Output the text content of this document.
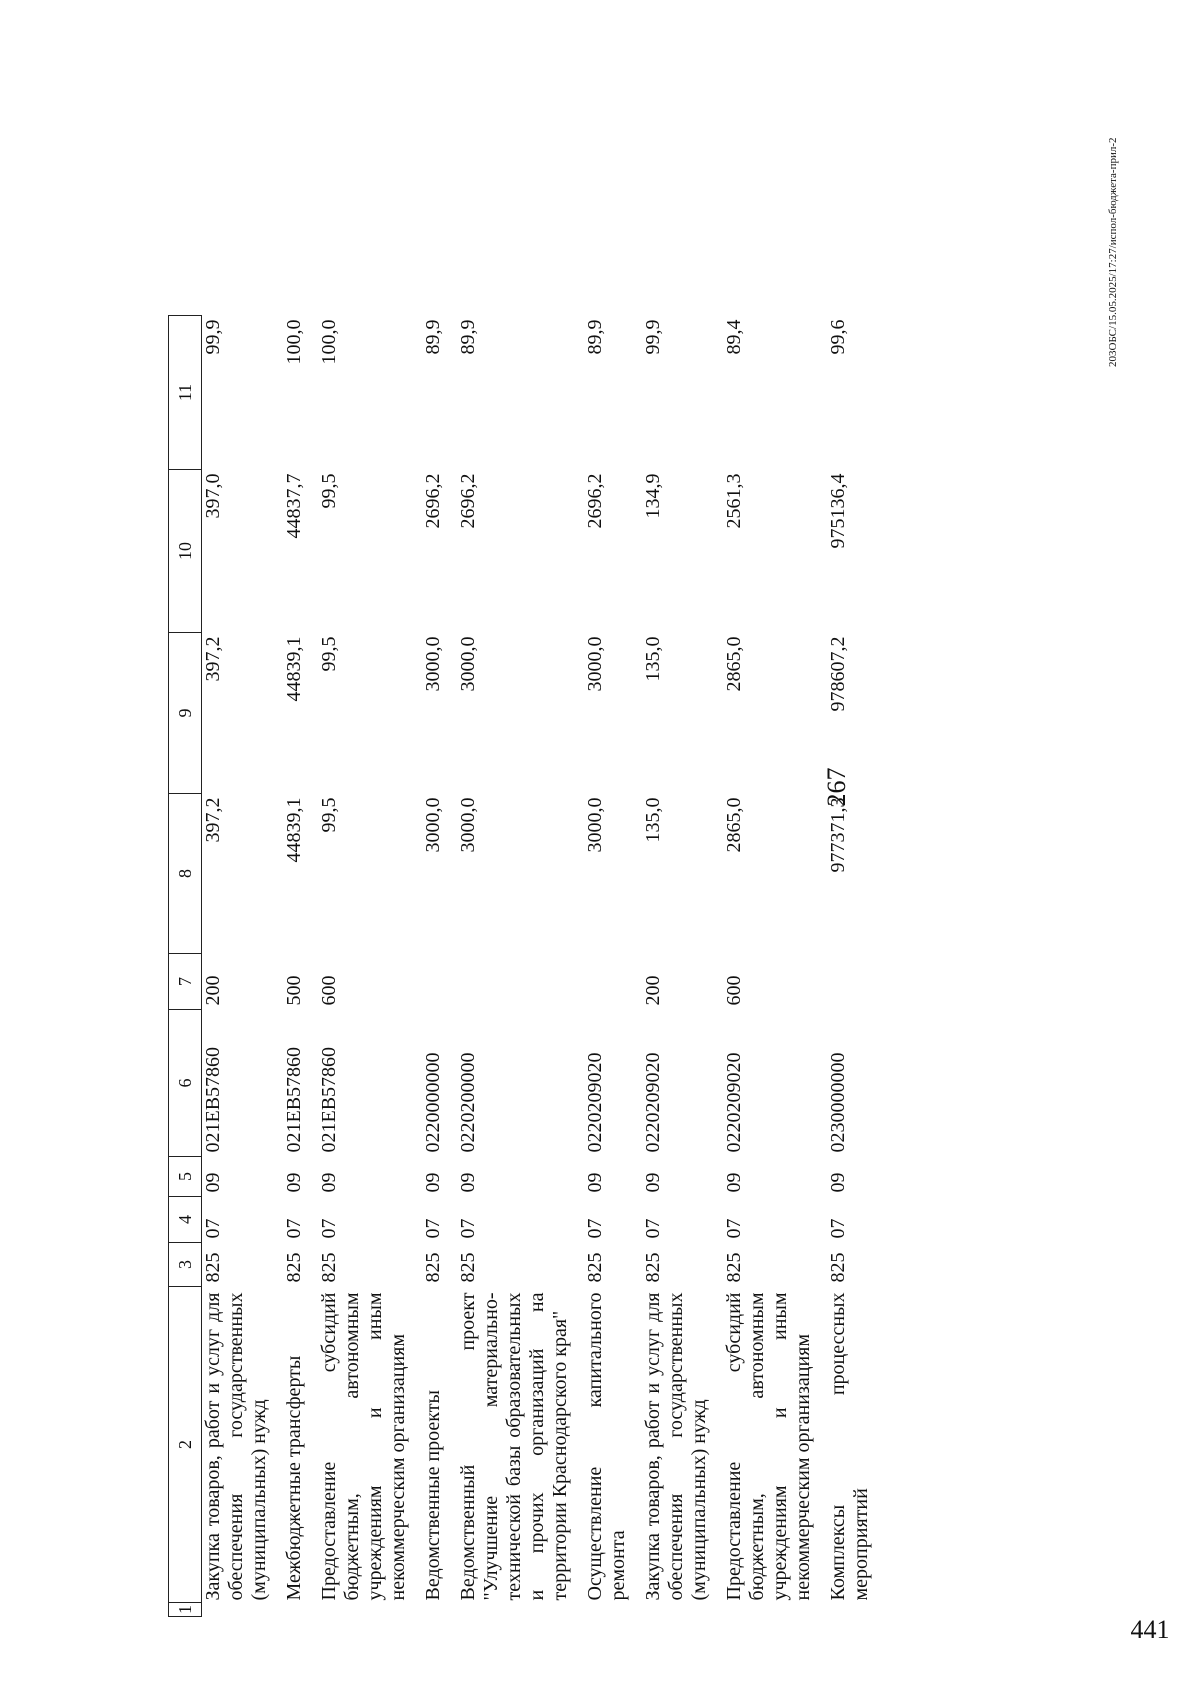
267
1	2	3	4	5	6	7	8	9	10	11
	Закупка товаров, работ и услуг для обеспечения государственных (муниципальных) нужд	825	07	09	021ЕВ57860	200	397,2	397,2	397,0	99,9
	Межбюджетные трансферты	825	07	09	021ЕВ57860	500	44839,1	44839,1	44837,7	100,0
	Предоставление субсидий бюджетным, автономным учреждениям и иным некоммерческим организациям	825	07	09	021ЕВ57860	600	99,5	99,5	99,5	100,0
	Ведомственные проекты	825	07	09	0220000000		3000,0	3000,0	2696,2	89,9
	Ведомственный проект "Улучшение материально-технической базы образовательных и прочих организаций на территории Краснодарского края"	825	07	09	0220200000		3000,0	3000,0	2696,2	89,9
	Осуществление капитального ремонта	825	07	09	0220209020		3000,0	3000,0	2696,2	89,9
	Закупка товаров, работ и услуг для обеспечения государственных (муниципальных) нужд	825	07	09	0220209020	200	135,0	135,0	134,9	99,9
	Предоставление субсидий бюджетным, автономным учреждениям и иным некоммерческим организациям	825	07	09	0220209020	600	2865,0	2865,0	2561,3	89,4
	Комплексы процессных мероприятий	825	07	09	0230000000		977371,3	978607,2	975136,4	99,6	203ОБС/15.05.2025/17:27/испол-бюджета-прил-2
441
